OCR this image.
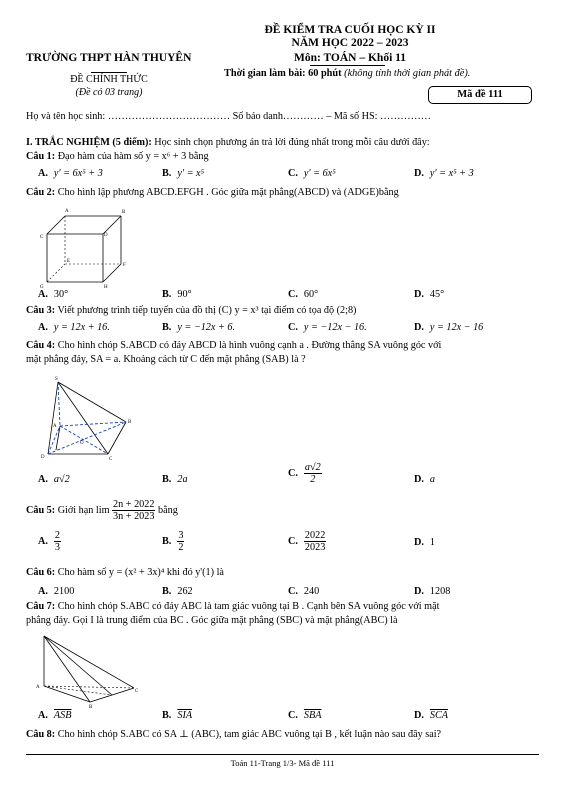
ĐỀ KIỂM TRA CUỐI HỌC KỲ II
NĂM HỌC 2022 – 2023
TRƯỜNG THPT HÀN THUYÊN	Môn: TOÁN – Khối 11
ĐỀ CHÍNH THỨC
(Đề có 03 trang)
Thời gian làm bài: 60 phút (không tính thời gian phát đề).
Mã đề 111
Họ và tên học sinh: ……………………………… Số báo danh………… – Mã số HS: ……………
I. TRẮC NGHIỆM (5 điểm): Học sinh chọn phương án trả lời đúng nhất trong mỗi câu dưới đây:
Câu 1: Đạo hàm của hàm số y = x⁶ + 3 bằng
A. y' = 6x⁵ + 3	B. y' = x⁵	C. y' = 6x⁵	D. y' = x⁵ + 3
Câu 2: Cho hình lập phương ABCD.EFGH . Góc giữa mặt phẳng(ABCD) và (ADGE)bằng
A	B
C	D
E
F
G	H
A. 30°	B. 90°	C. 60°	D. 45°
Câu 3: Viết phương trình tiếp tuyến của đồ thị (C) y = x³ tại điểm có tọa độ (2;8)
A. y = 12x + 16.	B. y = −12x + 6.	C. y = −12x − 16.	D. y = 12x − 16
Câu 4: Cho hình chóp S.ABCD có đáy ABCD là hình vuông cạnh a . Đường thẳng SA vuông góc với
mặt phẳng đáy, SA = a. Khoảng cách từ C đến mặt phẳng (SAB) là ?
S
A
B
C
D
O
A. a√2	B. 2a
C. $\frac{a√2}{2}$	D. a
Câu 5: Giới hạn $\lim \frac{2n + 2022}{3n + 2023}$ bằng
A. $\frac{2}{3}$	B. $\frac{3}{2}$	C. $\frac{2022}{2023}$	D. 1
Câu 6: Cho hàm số y = (x² + 3x)⁴ khi đó y'(1) là
A. 2100	B. 262	C. 240	D. 1208
Câu 7: Cho hình chóp S.ABC có đáy ABC là tam giác vuông tại B . Cạnh bên SA vuông góc với mặt
phẳng đáy. Gọi I là trung điểm của BC . Góc giữa mặt phẳng (SBC) và mặt phẳng(ABC) là
A
B
C
A. $\overline{ASB}$	B. $\overline{SIA}$	C. $\overline{SBA}$	D. $\overline{SCA}$
Câu 8: Cho hình chóp S.ABC có SA ⊥ (ABC), tam giác ABC vuông tại B , kết luận nào sau đây sai?
Toán 11-Trang 1/3- Mã đề 111
